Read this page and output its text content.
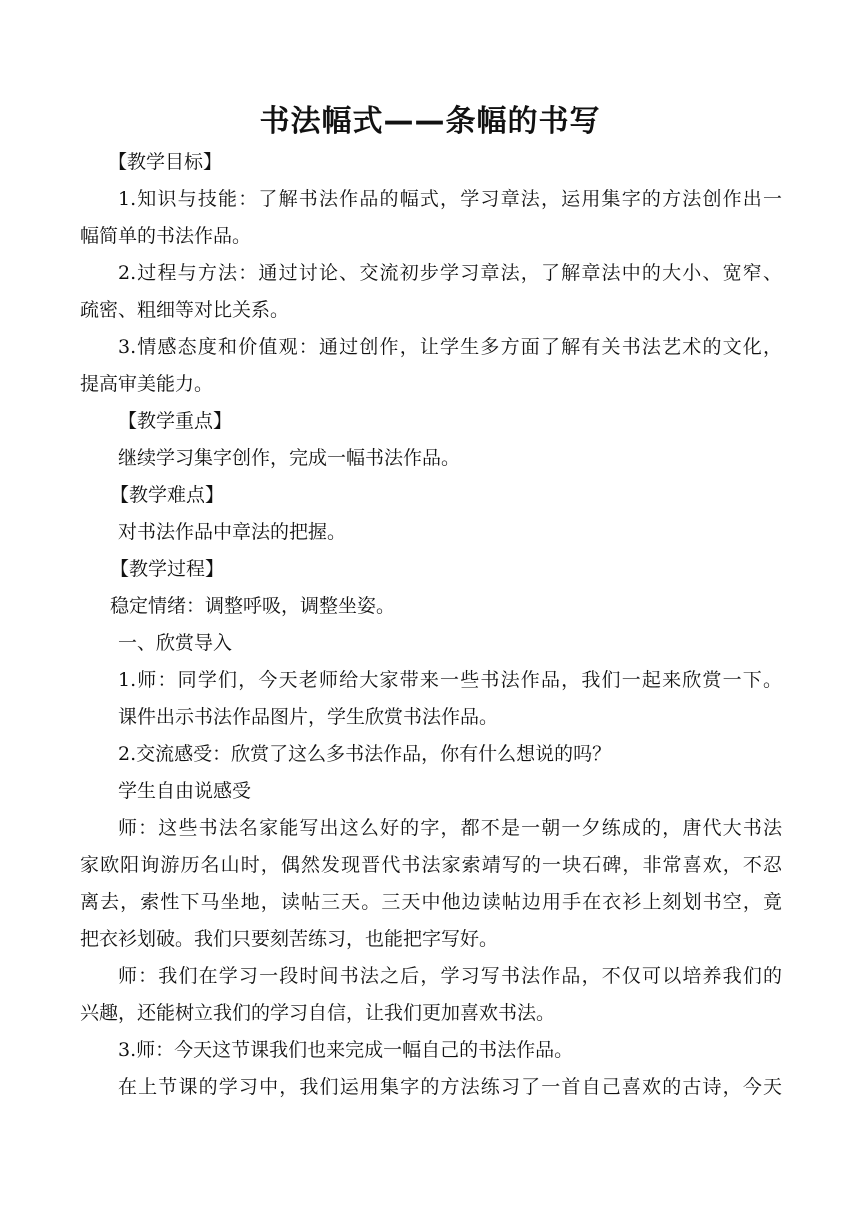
书法幅式——条幅的书写
【教学目标】
1.知识与技能：了解书法作品的幅式，学习章法，运用集字的方法创作出一
幅简单的书法作品。
2.过程与方法：通过讨论、交流初步学习章法，了解章法中的大小、宽窄、
疏密、粗细等对比关系。
3.情感态度和价值观：通过创作，让学生多方面了解有关书法艺术的文化，
提高审美能力。
【教学重点】
继续学习集字创作，完成一幅书法作品。
【教学难点】
对书法作品中章法的把握。
【教学过程】
稳定情绪：调整呼吸，调整坐姿。
一、欣赏导入
1.师：同学们，今天老师给大家带来一些书法作品，我们一起来欣赏一下。
课件出示书法作品图片，学生欣赏书法作品。
2.交流感受：欣赏了这么多书法作品，你有什么想说的吗？
学生自由说感受
师：这些书法名家能写出这么好的字，都不是一朝一夕练成的，唐代大书法
家欧阳询游历名山时，偶然发现晋代书法家索靖写的一块石碑，非常喜欢，不忍
离去，索性下马坐地，读帖三天。三天中他边读帖边用手在衣衫上刻划书空，竟
把衣衫划破。我们只要刻苦练习，也能把字写好。
师：我们在学习一段时间书法之后，学习写书法作品，不仅可以培养我们的
兴趣，还能树立我们的学习自信，让我们更加喜欢书法。
3.师：今天这节课我们也来完成一幅自己的书法作品。
在上节课的学习中，我们运用集字的方法练习了一首自己喜欢的古诗，今天
